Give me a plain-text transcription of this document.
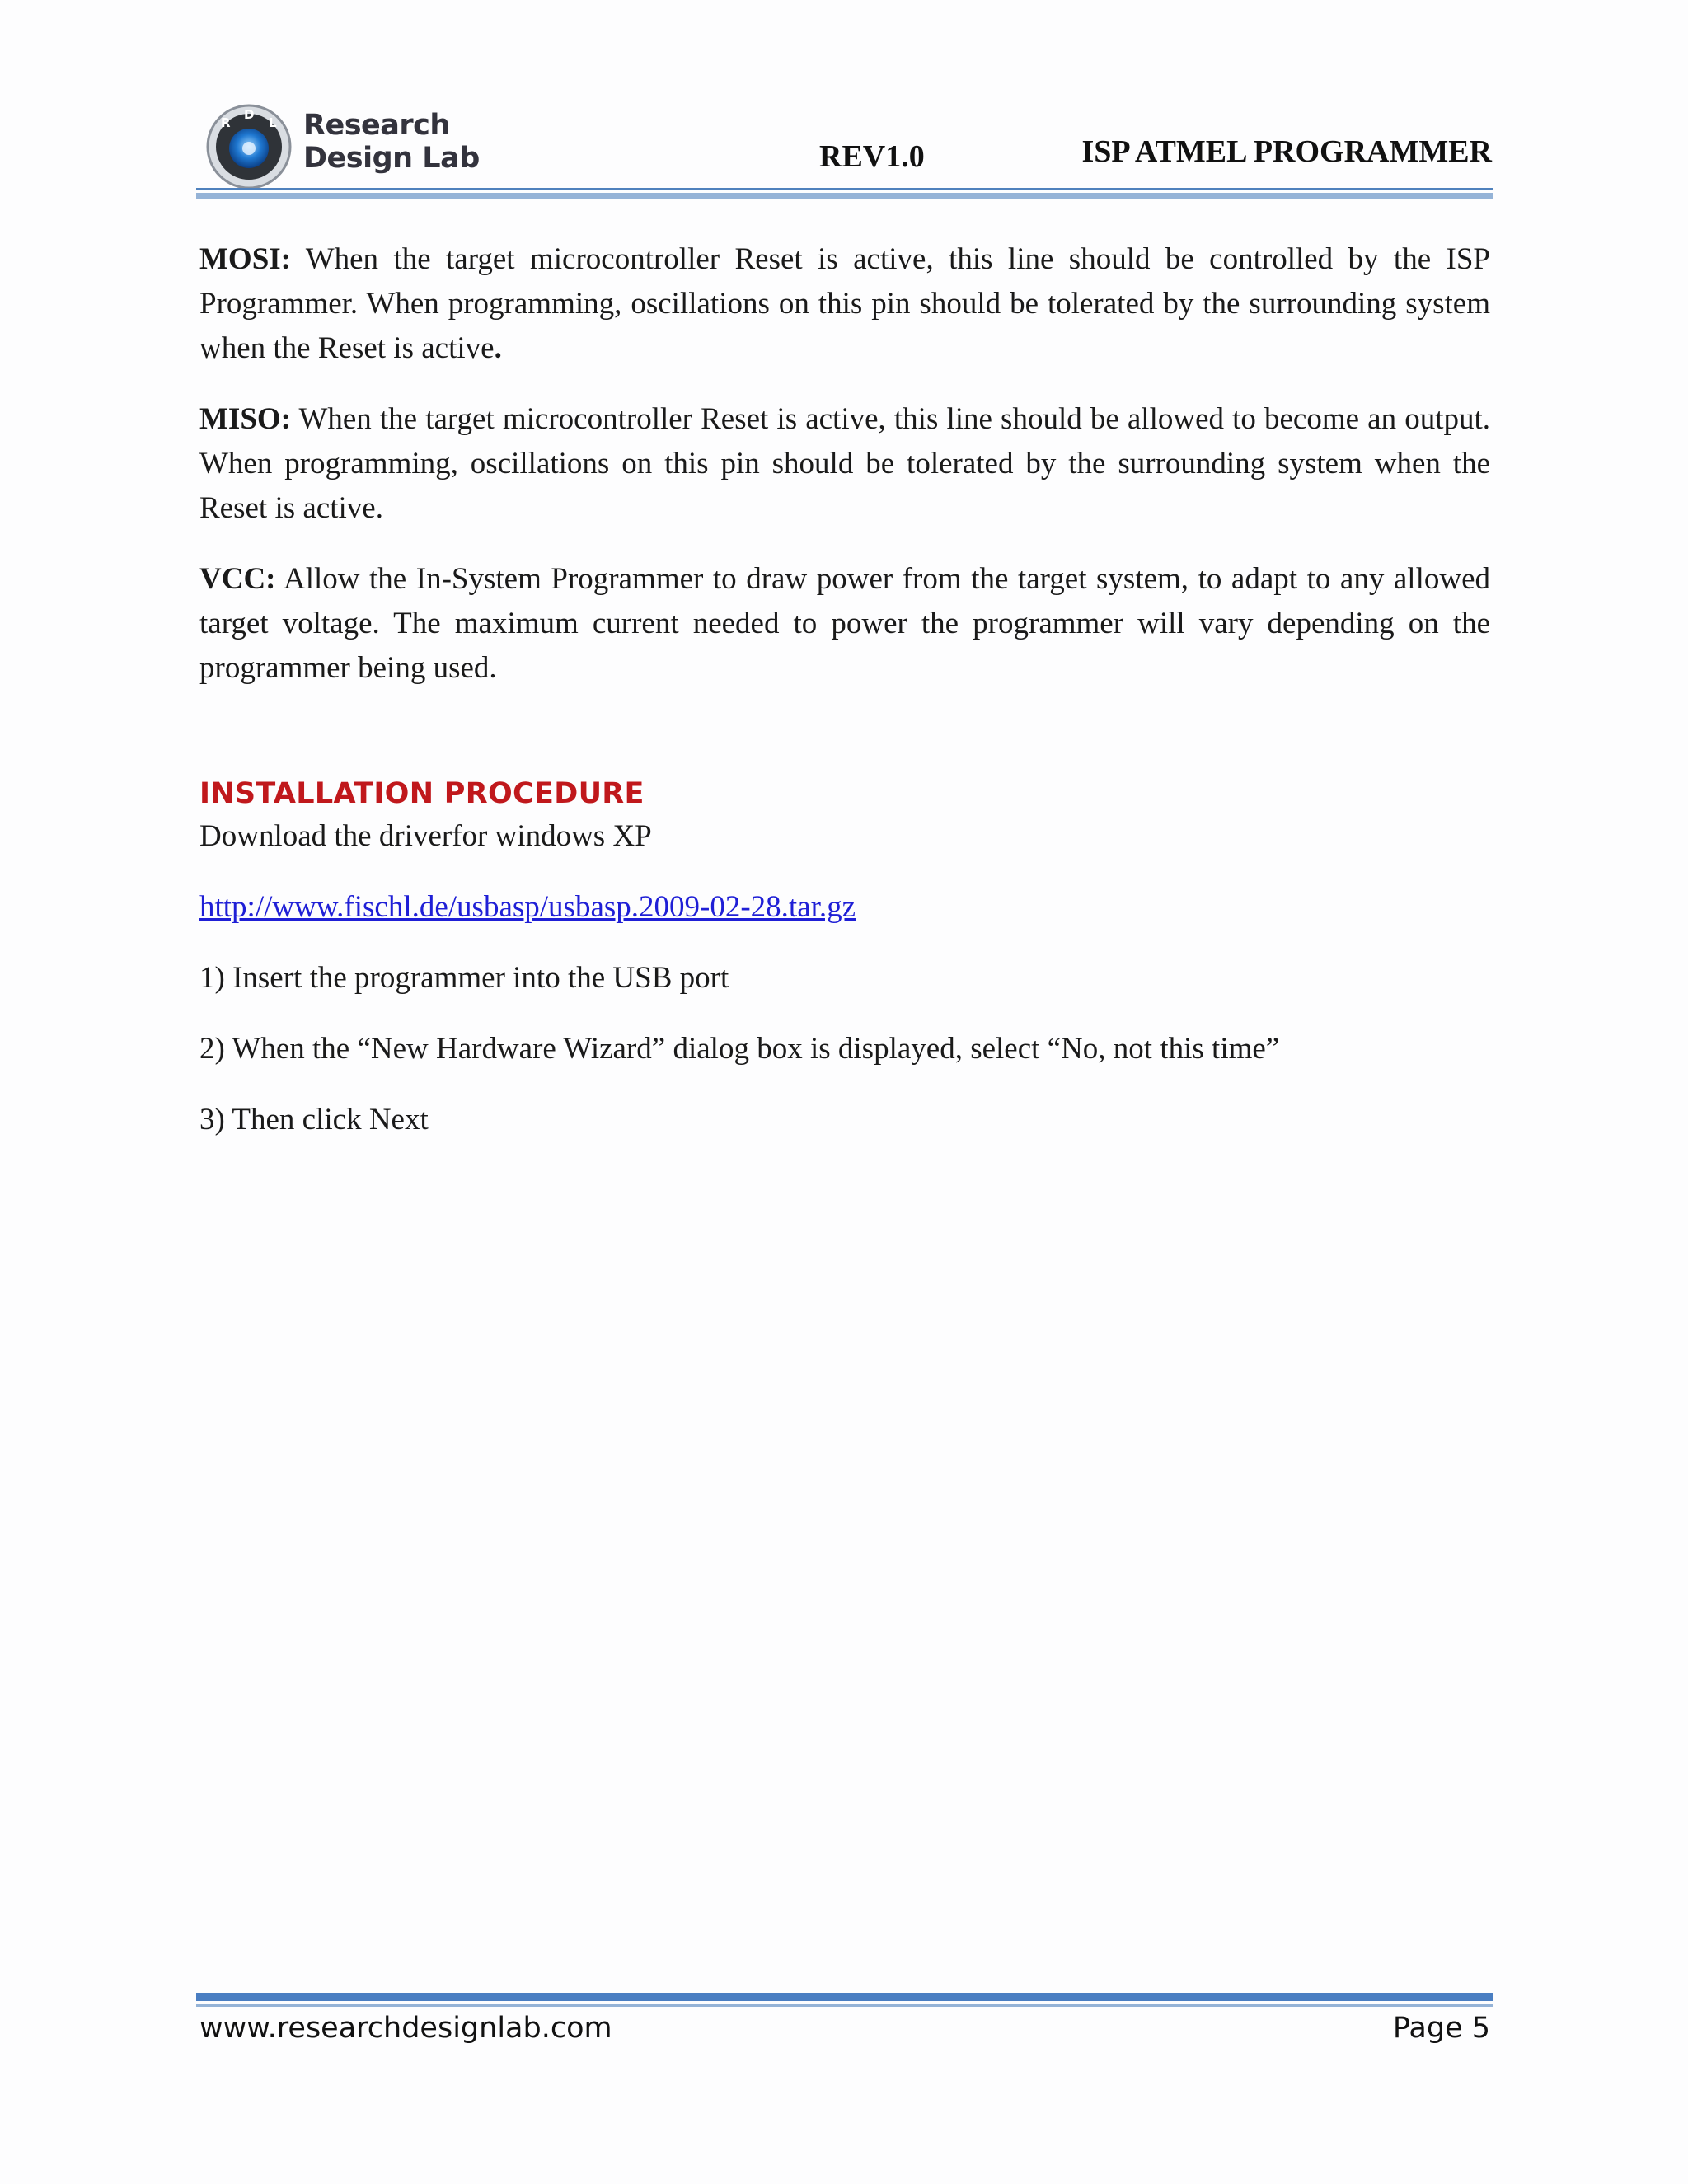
R
D
L Research
Design Lab	REV1.0	ISP ATMEL PROGRAMMER

MOSI: When the target microcontroller Reset is active, this line should be controlled by the ISP Programmer. When programming, oscillations on this pin should be tolerated by the surrounding system when the Reset is active.

MISO: When the target microcontroller Reset is active, this line should be allowed to become an output. When programming, oscillations on this pin should be tolerated by the surrounding system when the Reset is active.

VCC: Allow the In-System Programmer to draw power from the target system, to adapt to any allowed target voltage. The maximum current needed to power the programmer will vary depending on the programmer being used.

INSTALLATION PROCEDURE
Download the driverfor windows XP
http://www.fischl.de/usbasp/usbasp.2009-02-28.tar.gz
1) Insert the programmer into the USB port
2) When the “New Hardware Wizard” dialog box is displayed, select “No, not this time”
3) Then click Next
www.researchdesignlab.com	Page 5
